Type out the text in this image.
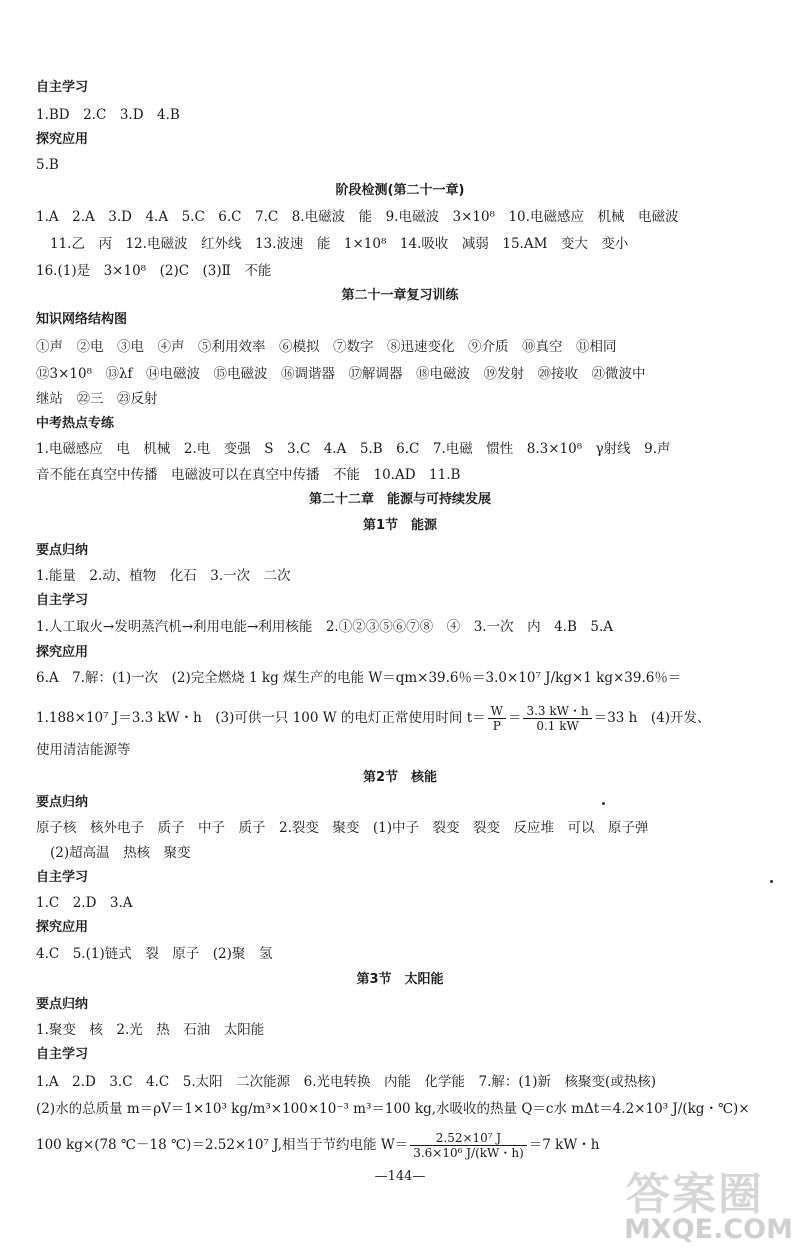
自主学习
1.BD　2.C　3.D　4.B
探究应用
5.B
阶段检测(第二十一章)
1.A　2.A　3.D　4.A　5.C　6.C　7.C　8.电磁波　能　9.电磁波　3×10⁸　10.电磁感应　机械　电磁波
11.乙　丙　12.电磁波　红外线　13.波速　能　1×10⁸　14.吸收　减弱　15.AM　变大　变小
16.(1)是　3×10⁸　(2)C　(3)Ⅱ　不能
第二十一章复习训练
知识网络结构图
①声　②电　③电　④声　⑤利用效率　⑥模拟　⑦数字　⑧迅速变化　⑨介质　⑩真空　⑪相同
⑫3×10⁸　⑬λf　⑭电磁波　⑮电磁波　⑯调谐器　⑰解调器　⑱电磁波　⑲发射　⑳接收　㉑微波中
继站　㉒三　㉓反射
中考热点专练
1.电磁感应　电　机械　2.电　变强　S　3.C　4.A　5.B　6.C　7.电磁　惯性　8.3×10⁸　γ射线　9.声
音不能在真空中传播　电磁波可以在真空中传播　不能　10.AD　11.B
第二十二章　能源与可持续发展
第1节　能源
要点归纳
1.能量　2.动、植物　化石　3.一次　二次
自主学习
1.人工取火→发明蒸汽机→利用电能→利用核能　2.①②③⑤⑥⑦⑧　④　3.一次　内　4.B　5.A
探究应用
6.A　7.解：(1)一次　(2)完全燃烧 1 kg 煤生产的电能 W＝qm×39.6％＝3.0×10⁷ J/kg×1 kg×39.6％＝
1.188×10⁷ J＝3.3 kW・h　(3)可供一只 100 W 的电灯正常使用时间 $t= \frac{W}{P} = \frac{3.3 kW・h}{0.1 kW} =33$ h　(4)开发、
使用清洁能源等
第2节　核能
要点归纳
原子核　核外电子　质子　中子　质子　2.裂变　聚变　(1)中子　裂变　裂变　反应堆　可以　原子弹
(2)超高温　热核　聚变
自主学习
1.C　2.D　3.A
探究应用
4.C　5.(1)链式　裂　原子　(2)聚　氢
第3节　太阳能
要点归纳
1.聚变　核　2.光　热　石油　太阳能
自主学习
1.A　2.D　3.C　4.C　5.太阳　二次能源　6.光电转换　内能　化学能　7.解：(1)新　核聚变(或热核)
(2)水的总质量 m＝ρV＝1×10³ kg/m³×100×10⁻³ m³＝100 kg,水吸收的热量 Q＝c水 mΔt＝4.2×10³ J/(kg・℃)×
100 kg×(78 ℃－18 ℃)＝2.52×10⁷ J,相当于节约电能 $W= \frac{\text{2.52×10⁷ J}}{\text{3.6×10⁶ J/(kW・h)}} =7$ kW・h
—144—	答案圈
MXQE.COM
